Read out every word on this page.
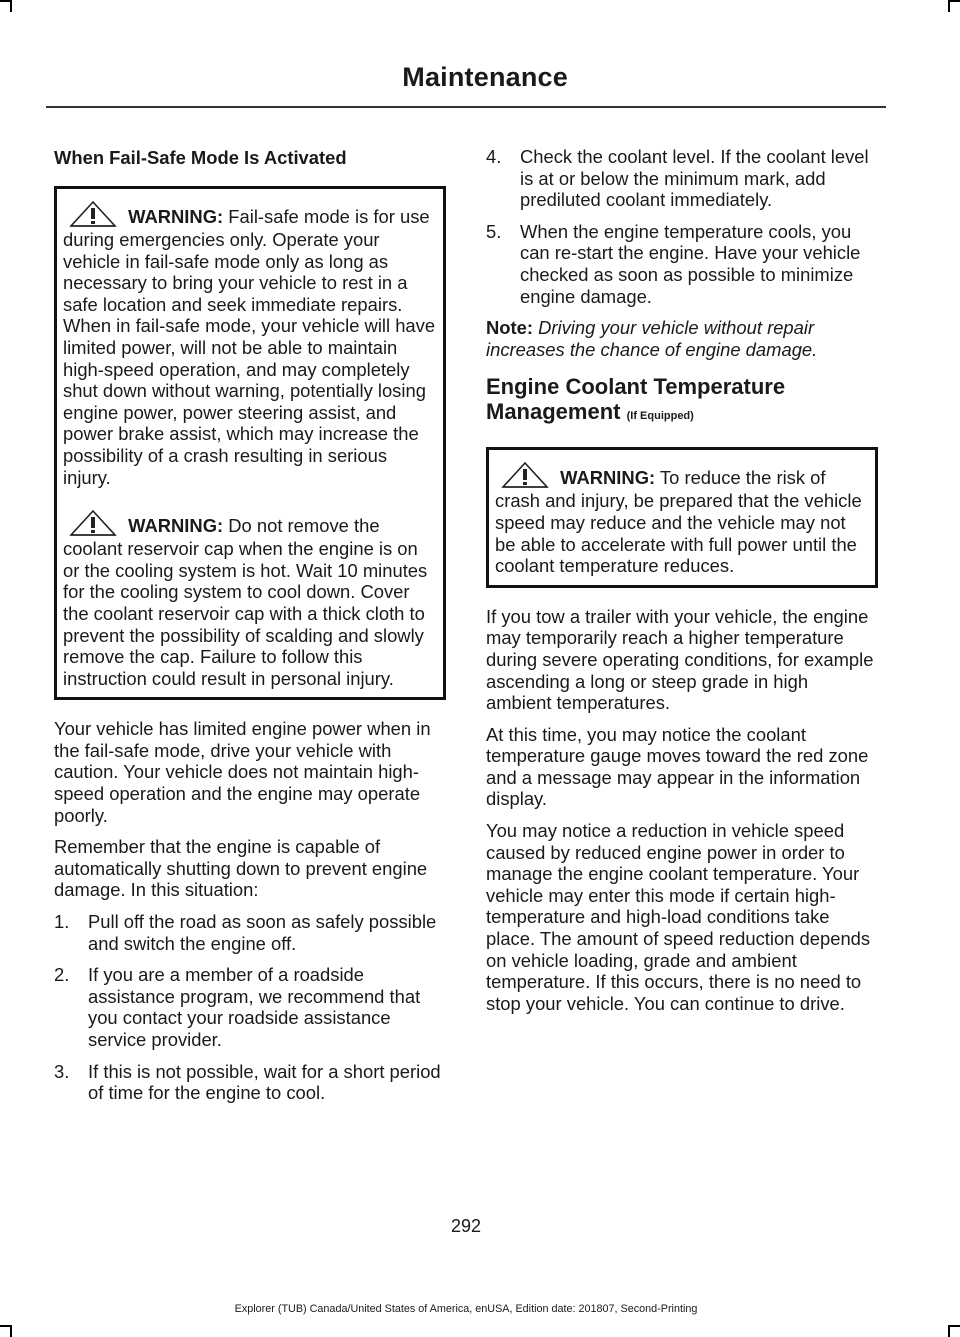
Maintenance
When Fail-Safe Mode Is Activated

WARNING: Fail-safe mode is for use during emergencies only. Operate your vehicle in fail-safe mode only as long as necessary to bring your vehicle to rest in a safe location and seek immediate repairs. When in fail-safe mode, your vehicle will have limited power, will not be able to maintain high-speed operation, and may completely shut down without warning, potentially losing engine power, power steering assist, and power brake assist, which may increase the possibility of a crash resulting in serious injury.

WARNING: Do not remove the coolant reservoir cap when the engine is on or the cooling system is hot. Wait 10 minutes for the cooling system to cool down. Cover the coolant reservoir cap with a thick cloth to prevent the possibility of scalding and slowly remove the cap. Failure to follow this instruction could result in personal injury.

Your vehicle has limited engine power when in the fail-safe mode, drive your vehicle with caution. Your vehicle does not maintain high-speed operation and the engine may operate poorly.

Remember that the engine is capable of automatically shutting down to prevent engine damage. In this situation:

1. Pull off the road as soon as safely possible and switch the engine off.
2. If you are a member of a roadside assistance program, we recommend that you contact your roadside assistance service provider.
3. If this is not possible, wait for a short period of time for the engine to cool.
4. Check the coolant level. If the coolant level is at or below the minimum mark, add prediluted coolant immediately.
5. When the engine temperature cools, you can re-start the engine. Have your vehicle checked as soon as possible to minimize engine damage.

Note: Driving your vehicle without repair increases the chance of engine damage.

Engine Coolant Temperature Management (If Equipped)

WARNING: To reduce the risk of crash and injury, be prepared that the vehicle speed may reduce and the vehicle may not be able to accelerate with full power until the coolant temperature reduces.

If you tow a trailer with your vehicle, the engine may temporarily reach a higher temperature during severe operating conditions, for example ascending a long or steep grade in high ambient temperatures.

At this time, you may notice the coolant temperature gauge moves toward the red zone and a message may appear in the information display.

You may notice a reduction in vehicle speed caused by reduced engine power in order to manage the engine coolant temperature. Your vehicle may enter this mode if certain high-temperature and high-load conditions take place. The amount of speed reduction depends on vehicle loading, grade and ambient temperature. If this occurs, there is no need to stop your vehicle. You can continue to drive.

292
Explorer (TUB) Canada/United States of America, enUSA, Edition date: 201807, Second-Printing
